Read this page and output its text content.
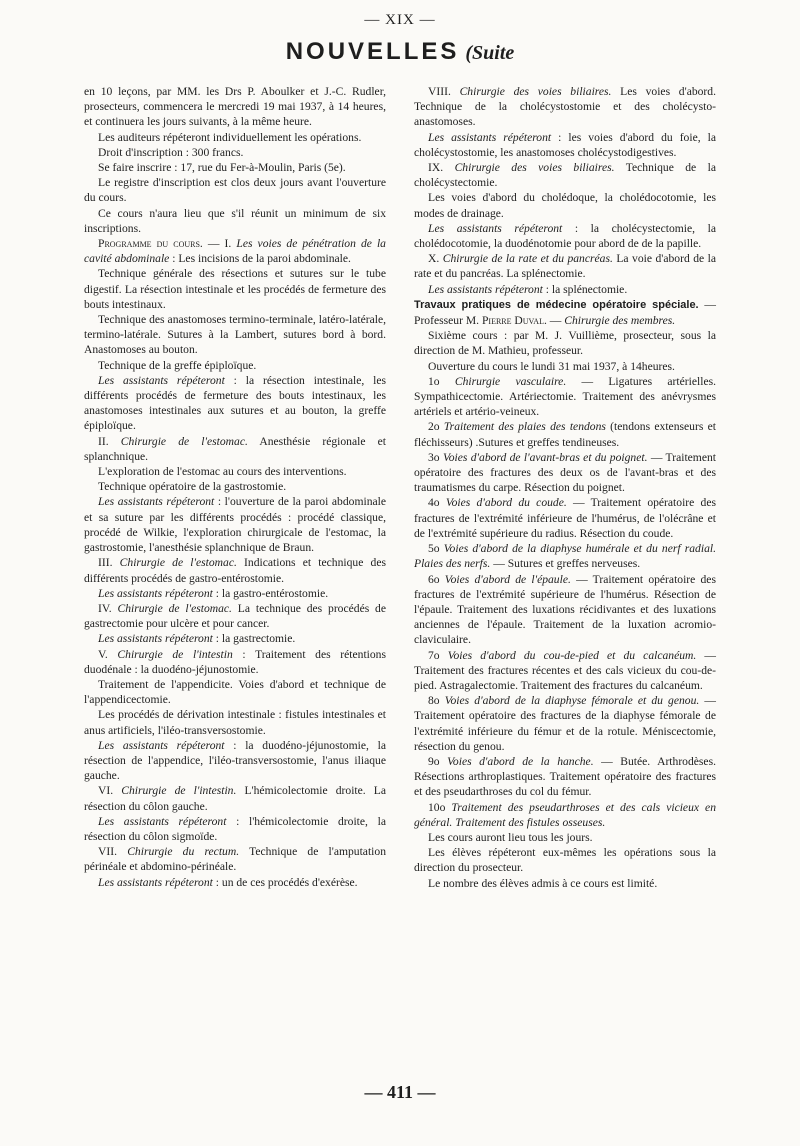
— XIX —
NOUVELLES (Suite

en 10 leçons, par MM. les Drs P. Aboulker et J.-C. Rudler, prosecteurs, commencera le mercredi 19 mai 1937, à 14 heures, et continuera les jours suivants, à la même heure.

Les auditeurs répéteront individuellement les opérations.

Droit d'inscription : 300 francs.

Se faire inscrire : 17, rue du Fer-à-Moulin, Paris (5e).

Le registre d'inscription est clos deux jours avant l'ouverture du cours.

Ce cours n'aura lieu que s'il réunit un minimum de six inscriptions.

Programme du cours. — I. Les voies de pénétration de la cavité abdominale : Les incisions de la paroi abdominale.

Technique générale des résections et sutures sur le tube digestif. La résection intestinale et les procédés de fermeture des bouts intestinaux.

Technique des anastomoses termino-terminale, latéro-latérale, termino-latérale. Sutures à la Lambert, sutures bord à bord. Anastomoses au bouton.

Technique de la greffe épiploïque.

Les assistants répéteront : la résection intestinale, les différents procédés de fermeture des bouts intestinaux, les anastomoses intestinales aux sutures et au bouton, la greffe épiploïque.

II. Chirurgie de l'estomac. Anesthésie régionale et splanchnique.

L'exploration de l'estomac au cours des interventions.

Technique opératoire de la gastrostomie.

Les assistants répéteront : l'ouverture de la paroi abdominale et sa suture par les différents procédés : procédé classique, procédé de Wilkie, l'exploration chirurgicale de l'estomac, la gastrostomie, l'anesthésie splanchnique de Braun.

III. Chirurgie de l'estomac. Indications et technique des différents procédés de gastro-entérostomie.

Les assistants répéteront : la gastro-entérostomie.

IV. Chirurgie de l'estomac. La technique des procédés de gastrectomie pour ulcère et pour cancer.

Les assistants répéteront : la gastrectomie.

V. Chirurgie de l'intestin : Traitement des rétentions duodénale : la duodéno-jéjunostomie.

Traitement de l'appendicite. Voies d'abord et technique de l'appendicectomie.

Les procédés de dérivation intestinale : fistules intestinales et anus artificiels, l'iléo-transversostomie.

Les assistants répéteront : la duodéno-jéjunostomie, la résection de l'appendice, l'iléo-transversostomie, l'anus iliaque gauche.

VI. Chirurgie de l'intestin. L'hémicolectomie droite. La résection du côlon gauche.

Les assistants répéteront : l'hémicolectomie droite, la résection du côlon sigmoïde.

VII. Chirurgie du rectum. Technique de l'amputation périnéale et abdomino-périnéale.

Les assistants répéteront : un de ces procédés d'exérèse.

VIII. Chirurgie des voies biliaires. Les voies d'abord. Technique de la cholécystostomie et des cholécysto-anastomoses.

Les assistants répéteront : les voies d'abord du foie, la cholécystostomie, les anastomoses cholécystodigestives.

IX. Chirurgie des voies biliaires. Technique de la cholécystectomie.

Les voies d'abord du cholédoque, la cholédocotomie, les modes de drainage.

Les assistants répéteront : la cholécystectomie, la cholédocotomie, la duodénotomie pour abord de de la papille.

X. Chirurgie de la rate et du pancréas. La voie d'abord de la rate et du pancréas. La splénectomie.

Les assistants répéteront : la splénectomie.

Travaux pratiques de médecine opératoire spéciale. — Professeur M. Pierre Duval. — Chirurgie des membres.

Sixième cours : par M. J. Vuillième, prosecteur, sous la direction de M. Mathieu, professeur.

Ouverture du cours le lundi 31 mai 1937, à 14heures.

1o Chirurgie vasculaire. — Ligatures artérielles. Sympathicectomie. Artériectomie. Traitement des anévrysmes artériels et artério-veineux.

2o Traitement des plaies des tendons (tendons extenseurs et fléchisseurs) .Sutures et greffes tendineuses.

3o Voies d'abord de l'avant-bras et du poignet. — Traitement opératoire des fractures des deux os de l'avant-bras et des traumatismes du carpe. Résection du poignet.

4o Voies d'abord du coude. — Traitement opératoire des fractures de l'extrémité inférieure de l'humérus, de l'olécrâne et de l'extrémité supérieure du radius. Résection du coude.

5o Voies d'abord de la diaphyse humérale et du nerf radial. Plaies des nerfs. — Sutures et greffes nerveuses.

6o Voies d'abord de l'épaule. — Traitement opératoire des fractures de l'extrémité supérieure de l'humérus. Résection de l'épaule. Traitement des luxations récidivantes et des luxations anciennes de l'épaule. Traitement de la luxation acromio-claviculaire.

7o Voies d'abord du cou-de-pied et du calcanéum. — Traitement des fractures récentes et des cals vicieux du cou-de-pied. Astragalectomie. Traitement des fractures du calcanéum.

8o Voies d'abord de la diaphyse fémorale et du genou. — Traitement opératoire des fractures de la diaphyse fémorale de l'extrémité inférieure du fémur et de la rotule. Méniscectomie, résection du genou.

9o Voies d'abord de la hanche. — Butée. Arthrodèses. Résections arthroplastiques. Traitement opératoire des fractures et des pseudarthroses du col du fémur.

10o Traitement des pseudarthroses et des cals vicieux en général. Traitement des fistules osseuses.

Les cours auront lieu tous les jours.

Les élèves répéteront eux-mêmes les opérations sous la direction du prosecteur.

Le nombre des élèves admis à ce cours est limité.

— 411 —
